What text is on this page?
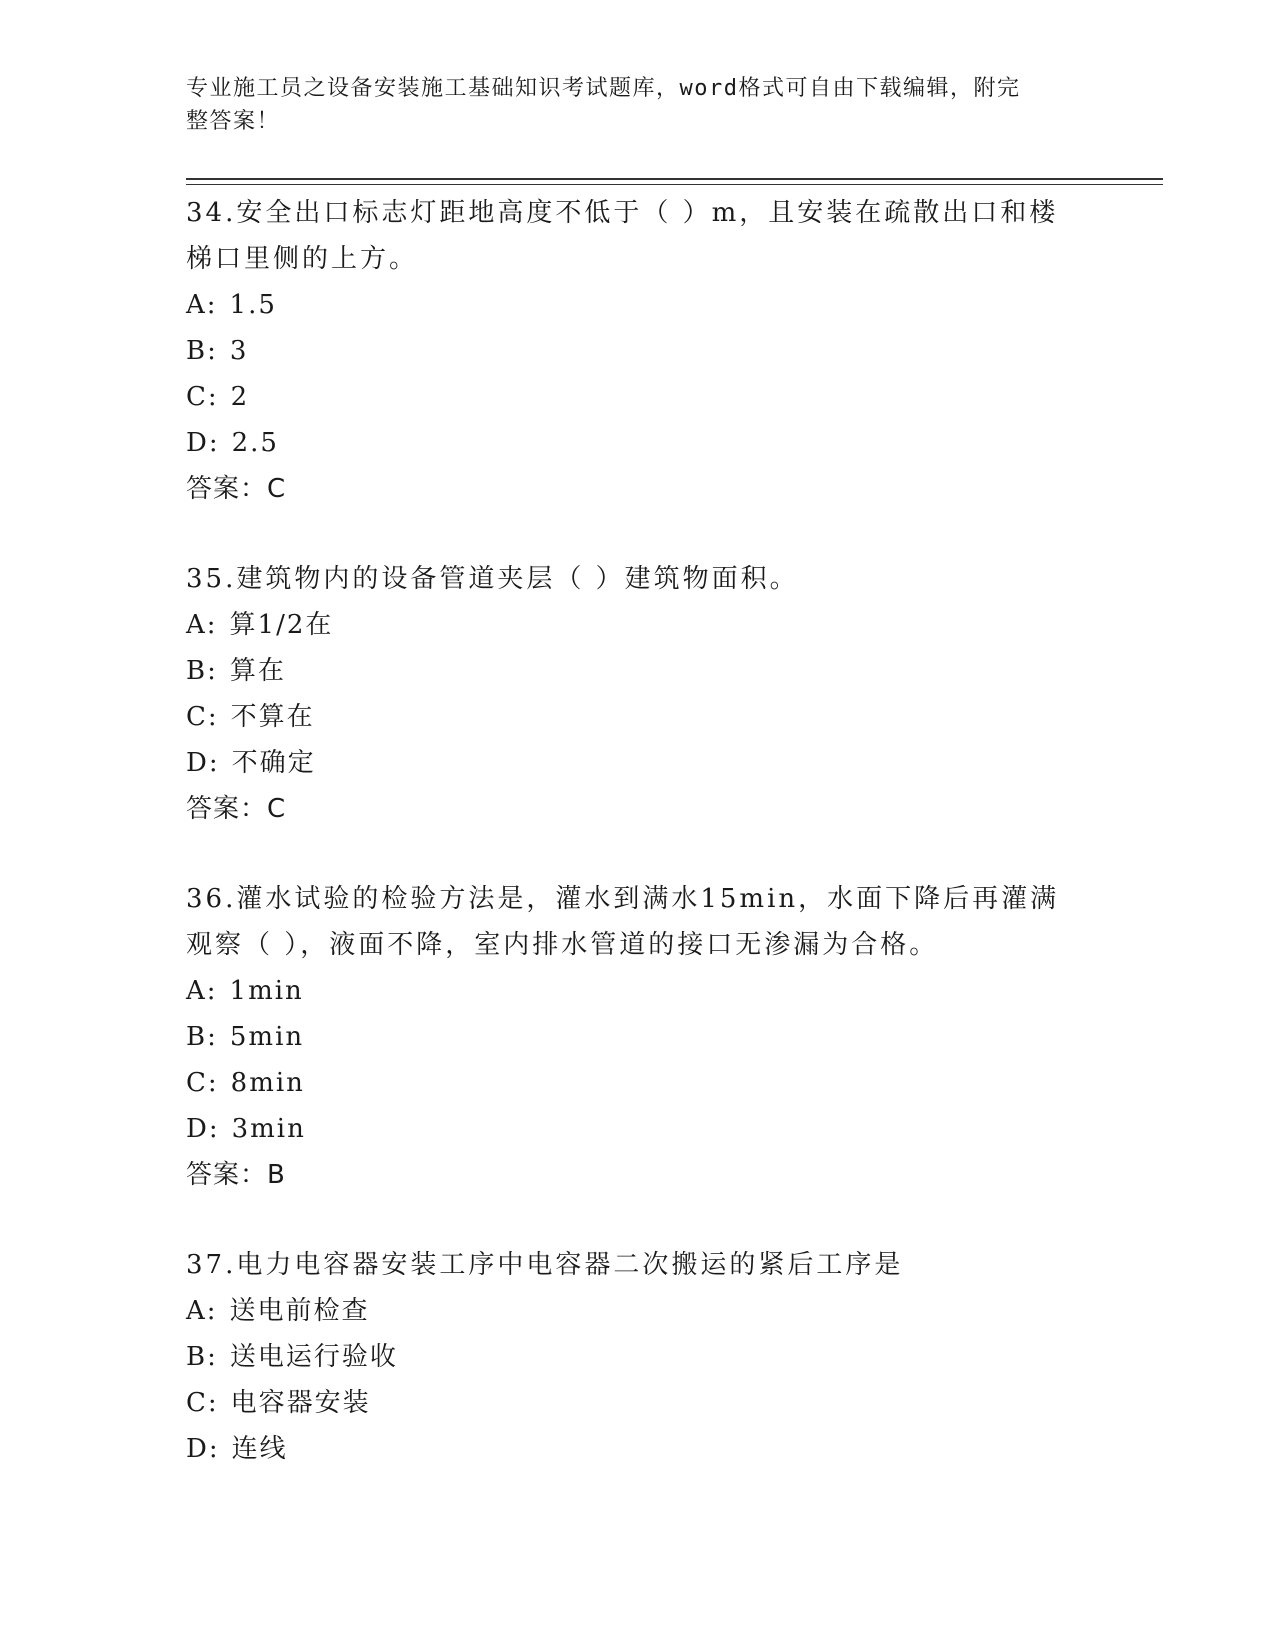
专业施工员之设备安装施工基础知识考试题库，word格式可自由下载编辑，附完
整答案！
34.安全出口标志灯距地高度不低于（ ）m，且安装在疏散出口和楼梯口里侧的上方。
A: 1.5
B: 3
C: 2
D: 2.5
答案：C
35.建筑物内的设备管道夹层（ ）建筑物面积。
A: 算1/2在
B: 算在
C: 不算在
D: 不确定
答案：C
36.灌水试验的检验方法是，灌水到满水15min，水面下降后再灌满观察（ ），液面不降，室内排水管道的接口无渗漏为合格。
A: 1min
B: 5min
C: 8min
D: 3min
答案：B
37.电力电容器安装工序中电容器二次搬运的紧后工序是
A: 送电前检查
B: 送电运行验收
C: 电容器安装
D: 连线
